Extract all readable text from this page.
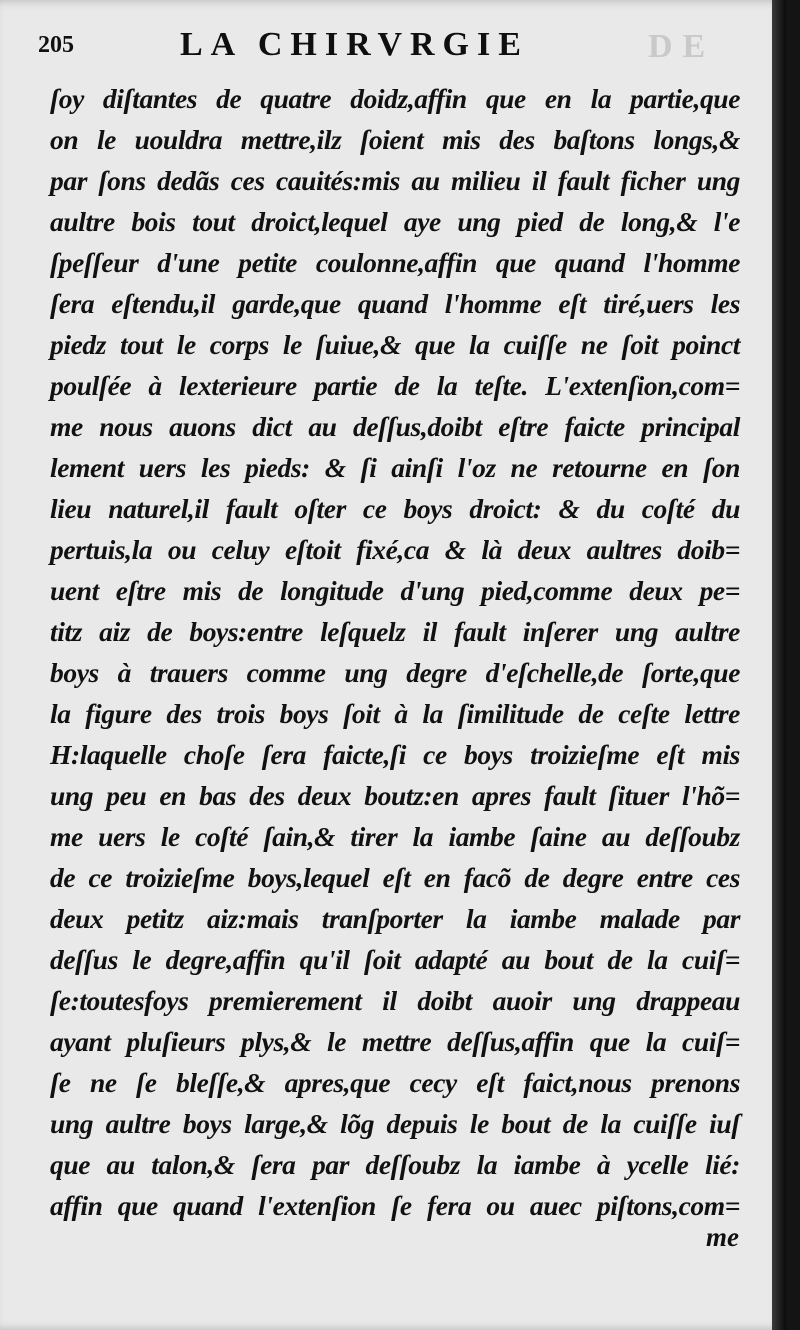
205	LA CHIRVRGIE	DE
ſoy diſtantes de quatre doidz,affin que en la partie,que
on le uouldra mettre,ilz ſoient mis des baſtons longs,&
par ſons dedãs ces cauités:mis au milieu il fault ficher ung
aultre bois tout droict,lequel aye ung pied de long,& l'e
ſpeſſeur d'une petite coulonne,affin que quand l'homme
ſera eſtendu,il garde,que quand l'homme eſt tiré,uers les
piedz tout le corps le ſuiue,& que la cuiſſe ne ſoit poinct
poulſée à lexterieure partie de la teſte. L'extenſion,com=
me nous auons dict au deſſus,doibt eſtre faicte principal
lement uers les pieds: & ſi ainſi l'oz ne retourne en ſon
lieu naturel,il fault oſter ce boys droict: & du coſté du
pertuis,la ou celuy eſtoit fixé,ca & là deux aultres doib=
uent eſtre mis de longitude d'ung pied,comme deux pe=
titz aiz de boys:entre leſquelz il fault inſerer ung aultre
boys à trauers comme ung degre d'eſchelle,de ſorte,que
la figure des trois boys ſoit à la ſimilitude de ceſte lettre
H:laquelle choſe ſera faicte,ſi ce boys troizieſme eſt mis
ung peu en bas des deux boutz:en apres fault ſituer l'hõ=
me uers le coſté ſain,& tirer la iambe ſaine au deſſoubz
de ce troizieſme boys,lequel eſt en facõ de degre entre ces
deux petitz aiz:mais tranſporter la iambe malade par
deſſus le degre,affin qu'il ſoit adapté au bout de la cuiſ=
ſe:toutesfoys premierement il doibt auoir ung drappeau
ayant pluſieurs plys,& le mettre deſſus,affin que la cuiſ=
ſe ne ſe bleſſe,& apres,que cecy eſt faict,nous prenons
ung aultre boys large,& lõg depuis le bout de la cuiſſe iuſ
que au talon,& ſera par deſſoubz la iambe à ycelle lié:
affin que quand l'extenſion ſe fera ou auec piſtons,com=
me
